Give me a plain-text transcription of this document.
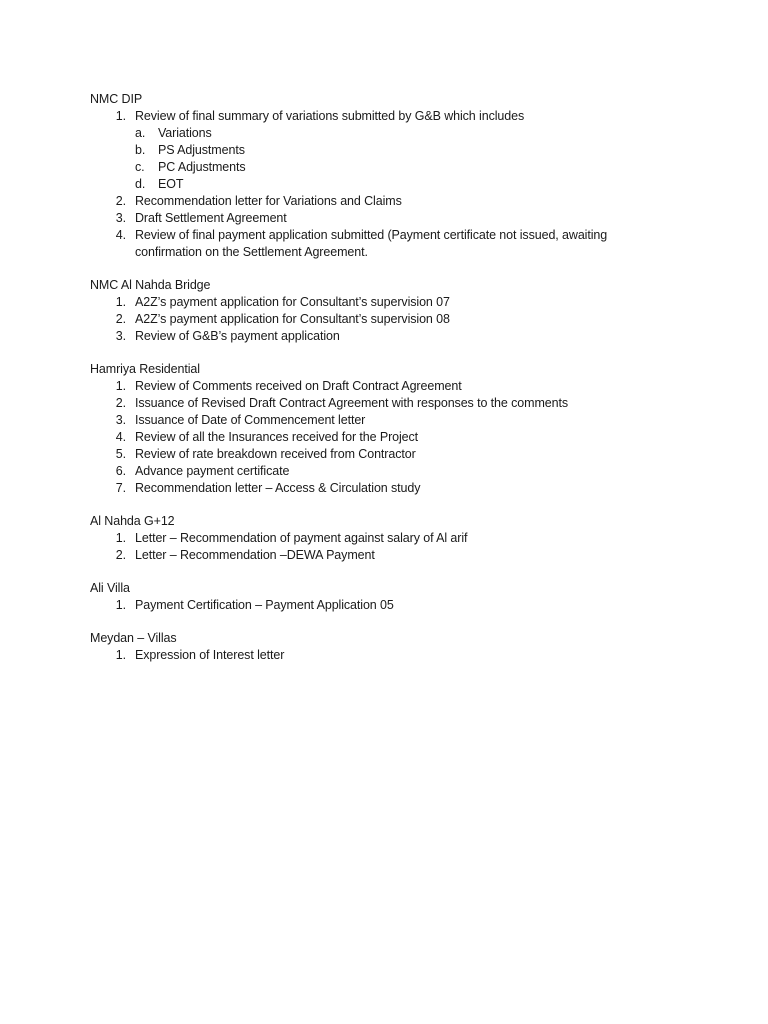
NMC DIP
1. Review of final summary of variations submitted by G&B which includes
a.	Variations
b.	PS Adjustments
c.	PC Adjustments
d.	EOT
2. Recommendation letter for Variations and Claims
3. Draft Settlement Agreement
4. Review of final payment application submitted (Payment certificate not issued, awaiting confirmation on the Settlement Agreement.
NMC Al Nahda Bridge
1. A2Z’s payment application for Consultant’s supervision 07
2. A2Z’s payment application for Consultant’s supervision 08
3. Review of G&B’s payment application
Hamriya Residential
1. Review of Comments received on Draft Contract Agreement
2. Issuance of Revised Draft Contract Agreement with responses to the comments
3. Issuance of Date of Commencement letter
4. Review of all the Insurances received for the Project
5. Review of rate breakdown received from Contractor
6. Advance payment certificate
7. Recommendation letter – Access & Circulation study
Al Nahda G+12
1. Letter – Recommendation of payment against salary of Al arif
2. Letter – Recommendation –DEWA Payment
Ali Villa
1. Payment Certification – Payment Application 05
Meydan – Villas
1. Expression of Interest letter
